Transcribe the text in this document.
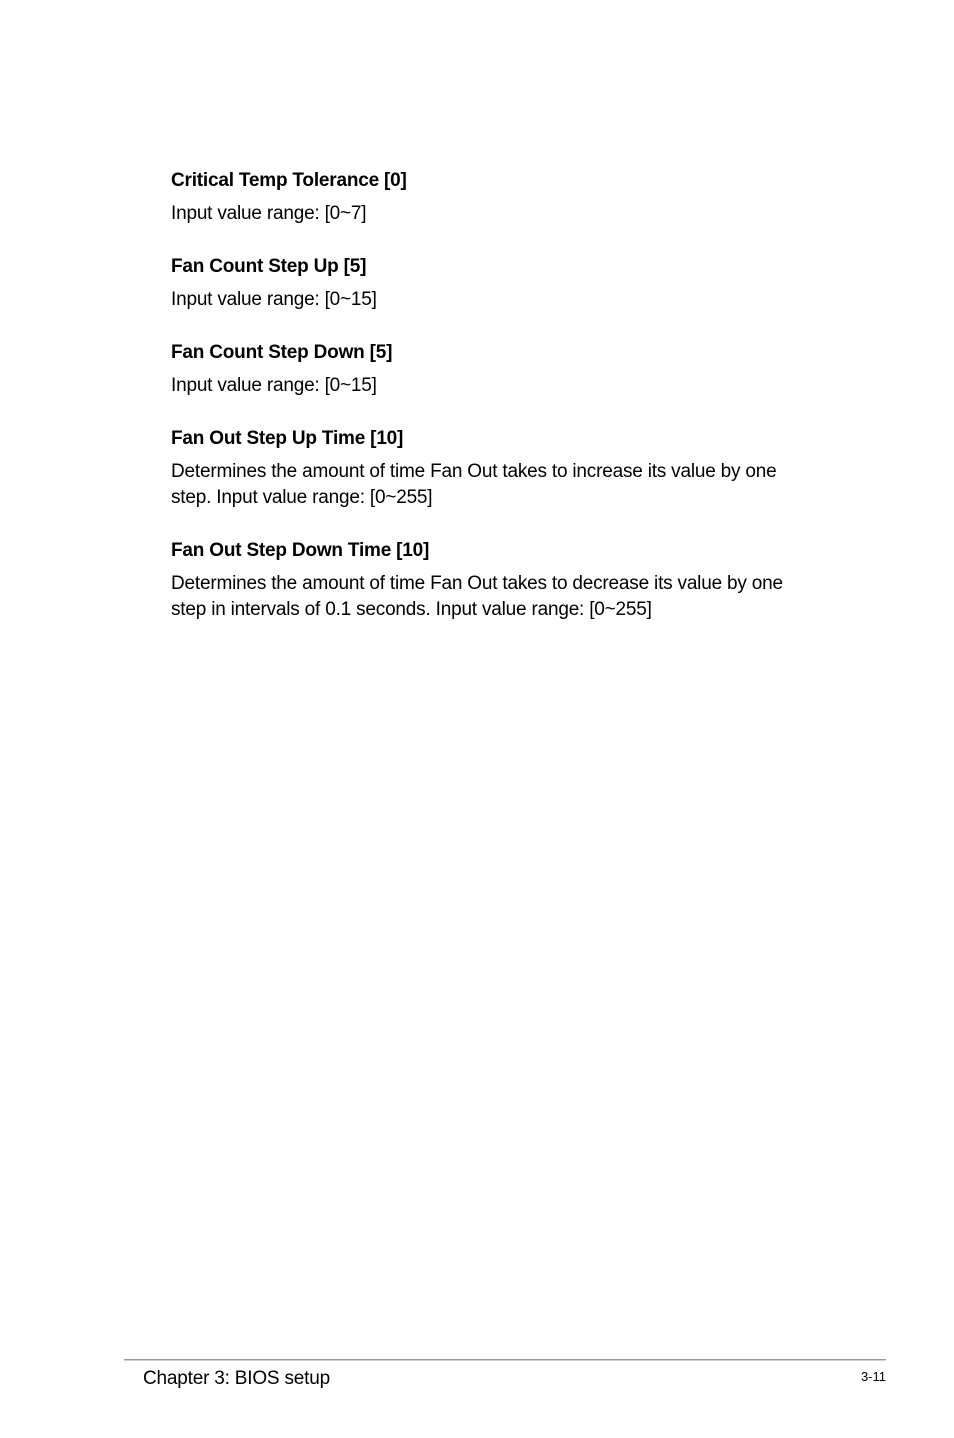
Critical Temp Tolerance [0]
Input value range: [0~7]
Fan Count Step Up [5]
Input value range: [0~15]
Fan Count Step Down [5]
Input value range: [0~15]
Fan Out Step Up Time [10]
Determines the amount of time Fan Out takes to increase its value by one step. Input value range: [0~255]
Fan Out Step Down Time [10]
Determines the amount of time Fan Out takes to decrease its value by one step in intervals of 0.1 seconds. Input value range: [0~255]
Chapter 3: BIOS setup	3-11
